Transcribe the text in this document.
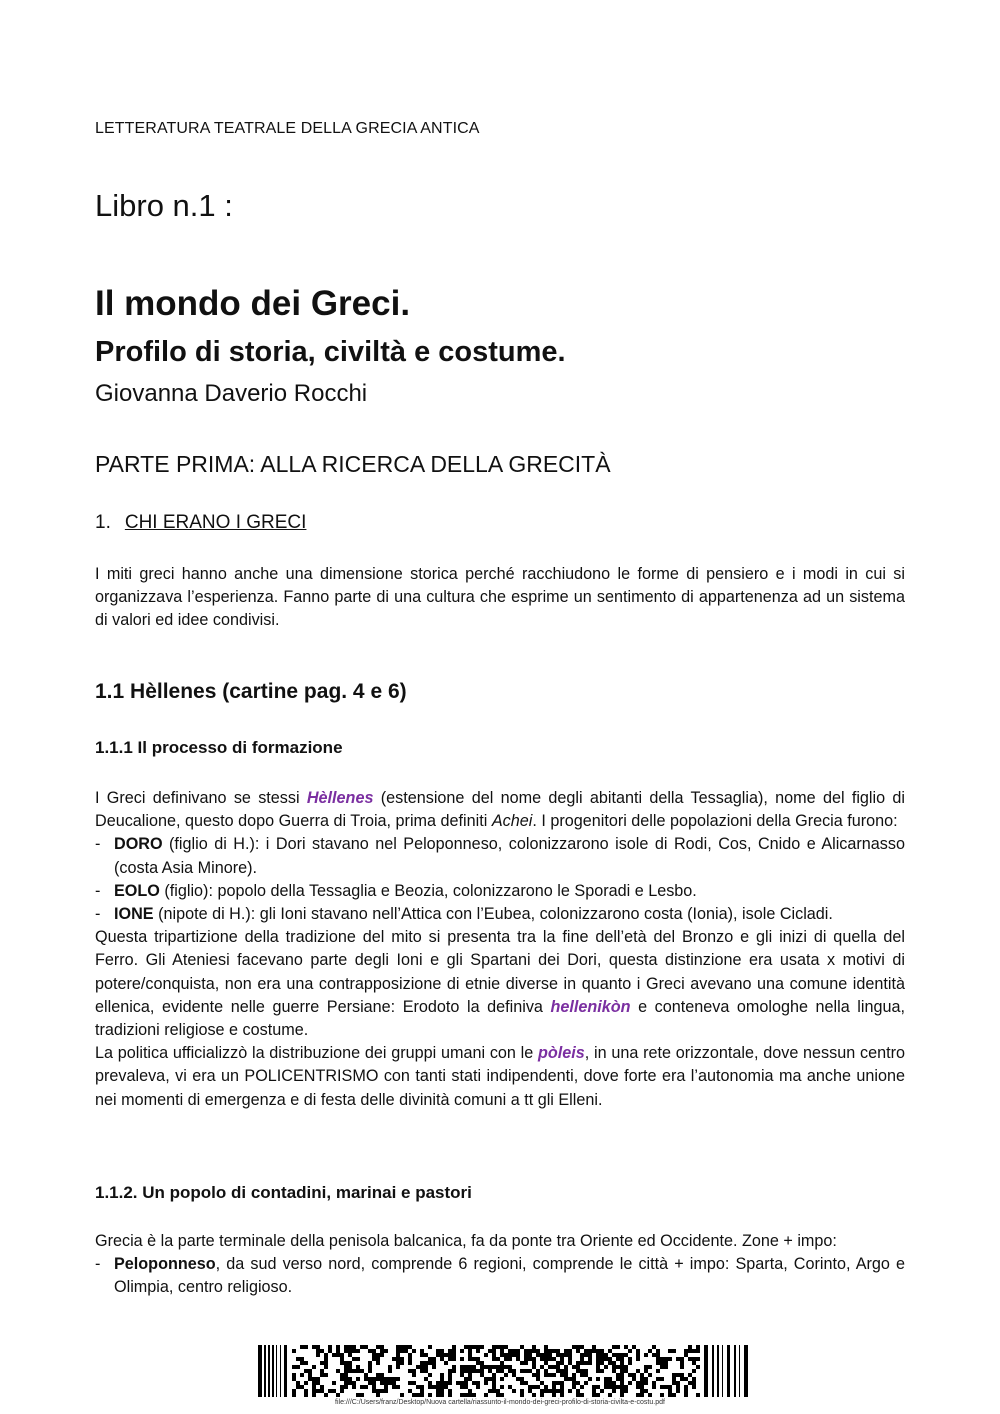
LETTERATURA TEATRALE DELLA GRECIA ANTICA
Libro n.1 :
Il mondo dei Greci.
Profilo di storia, civiltà e costume.
Giovanna Daverio Rocchi
PARTE PRIMA: ALLA RICERCA DELLA GRECITÀ
1. CHI ERANO I GRECI

I miti greci hanno anche una dimensione storica perché racchiudono le forme di pensiero e i modi in cui si organizzava l’esperienza. Fanno parte di una cultura che esprime un sentimento di appartenenza ad un sistema di valori ed idee condivisi.

1.1 Hèllenes (cartine pag. 4 e 6)
1.1.1 Il processo di formazione

I Greci definivano se stessi Hèllenes (estensione del nome degli abitanti della Tessaglia), nome del figlio di Deucalione, questo dopo Guerra di Troia, prima definiti Achei. I progenitori delle popolazioni della Grecia furono:

- DORO (figlio di H.): i Dori stavano nel Peloponneso, colonizzarono isole di Rodi, Cos, Cnido e Alicarnasso (costa Asia Minore).
- EOLO (figlio): popolo della Tessaglia e Beozia, colonizzarono le Sporadi e Lesbo.
- IONE (nipote di H.): gli Ioni stavano nell’Attica con l’Eubea, colonizzarono costa (Ionia), isole Cicladi.

Questa tripartizione della tradizione del mito si presenta tra la fine dell’età del Bronzo e gli inizi di quella del Ferro. Gli Ateniesi facevano parte degli Ioni e gli Spartani dei Dori, questa distinzione era usata x motivi di potere/conquista, non era una contrapposizione di etnie diverse in quanto i Greci avevano una comune identità ellenica, evidente nelle guerre Persiane: Erodoto la definiva hellenikòn e conteneva omologhe nella lingua, tradizioni religiose e costume.

La politica ufficializzò la distribuzione dei gruppi umani con le pòleis, in una rete orizzontale, dove nessun centro prevaleva, vi era un POLICENTRISMO con tanti stati indipendenti, dove forte era l’autonomia ma anche unione nei momenti di emergenza e di festa delle divinità comuni a tt gli Elleni.

1.1.2. Un popolo di contadini, marinai e pastori

Grecia è la parte terminale della penisola balcanica, fa da ponte tra Oriente ed Occidente. Zone + impo:

- Peloponneso, da sud verso nord, comprende 6 regioni, comprende le città + impo: Sparta, Corinto, Argo e Olimpia, centro religioso.
file:///C:/Users/franz/Desktop/Nuova cartella/riassunto-il-mondo-dei-greci-profilo-di-storia-civilta-e-costu.pdf
